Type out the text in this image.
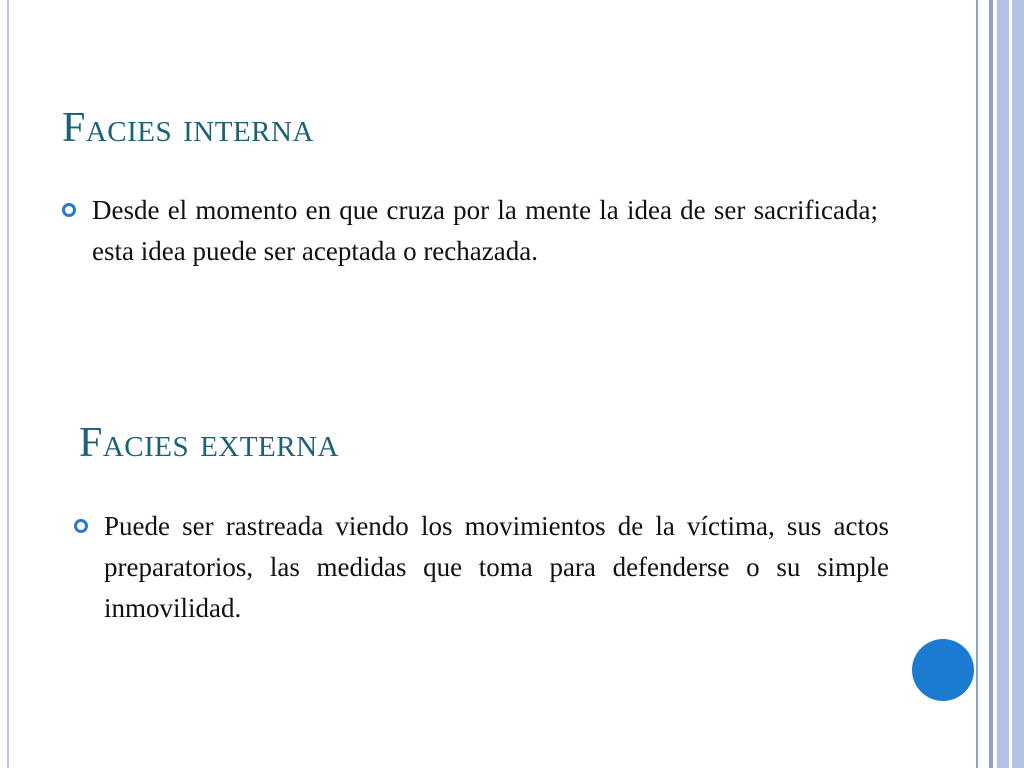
Facies interna

Desde el momento en que cruza por la mente la idea de ser sacrificada; esta idea puede ser aceptada o rechazada.

Facies externa

Puede ser rastreada viendo los movimientos de la víctima, sus actos preparatorios, las medidas que toma para defenderse o su simple inmovilidad.
